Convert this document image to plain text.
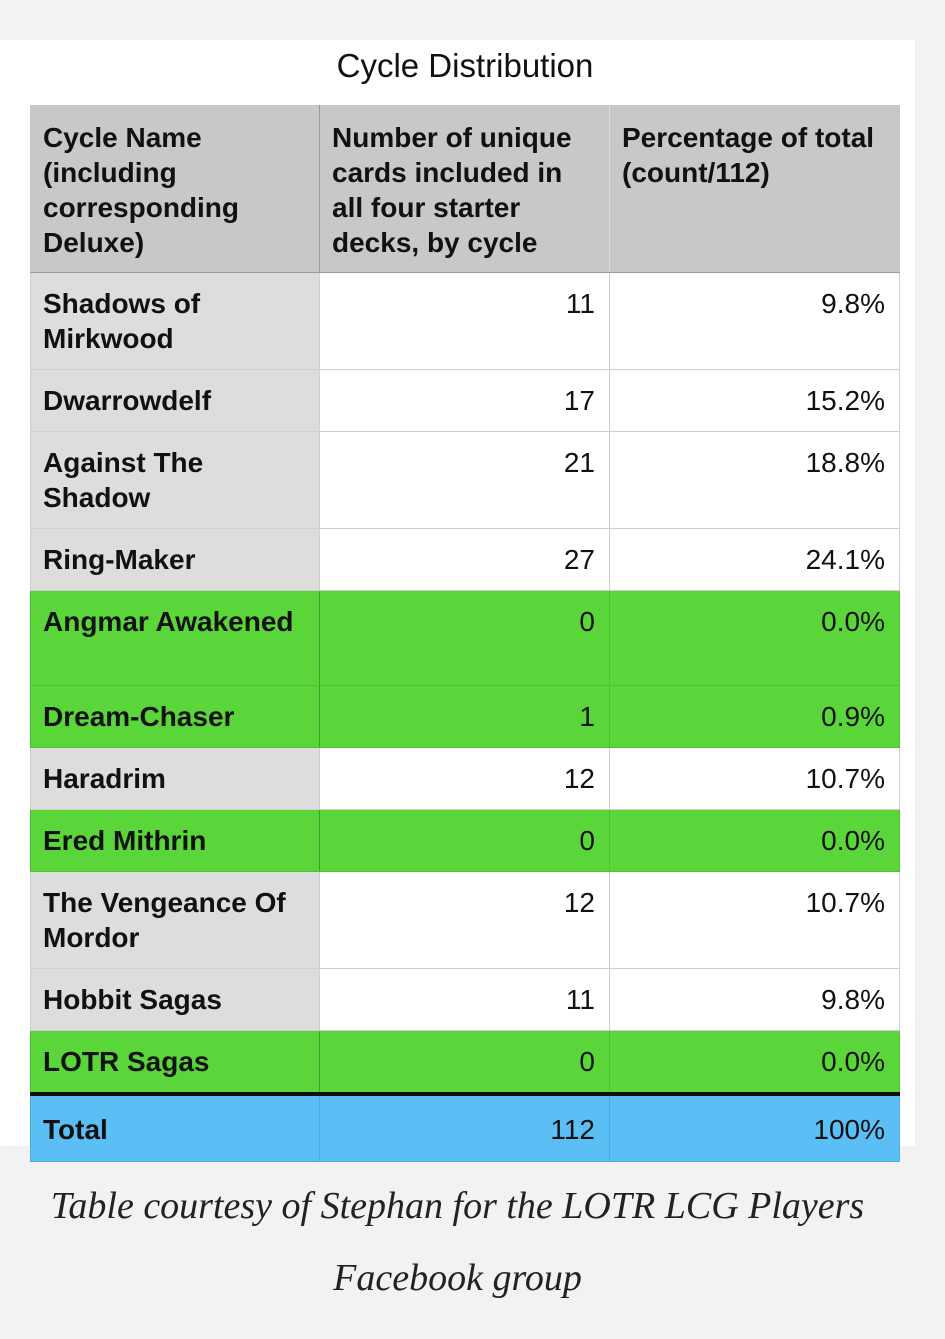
Cycle Distribution
Cycle Name (including corresponding Deluxe)	Number of unique cards included in all four starter decks, by cycle	Percentage of total (count/112)
Shadows of Mirkwood	11	9.8%
Dwarrowdelf	17	15.2%
Against The Shadow	21	18.8%
Ring-Maker	27	24.1%
Angmar Awakened	0	0.0%
Dream-Chaser	1	0.9%
Haradrim	12	10.7%
Ered Mithrin	0	0.0%
The Vengeance Of Mordor	12	10.7%
Hobbit Sagas	11	9.8%
LOTR Sagas	0	0.0%
Total	112	100%
Table courtesy of Stephan for the LOTR LCG Players Facebook group
